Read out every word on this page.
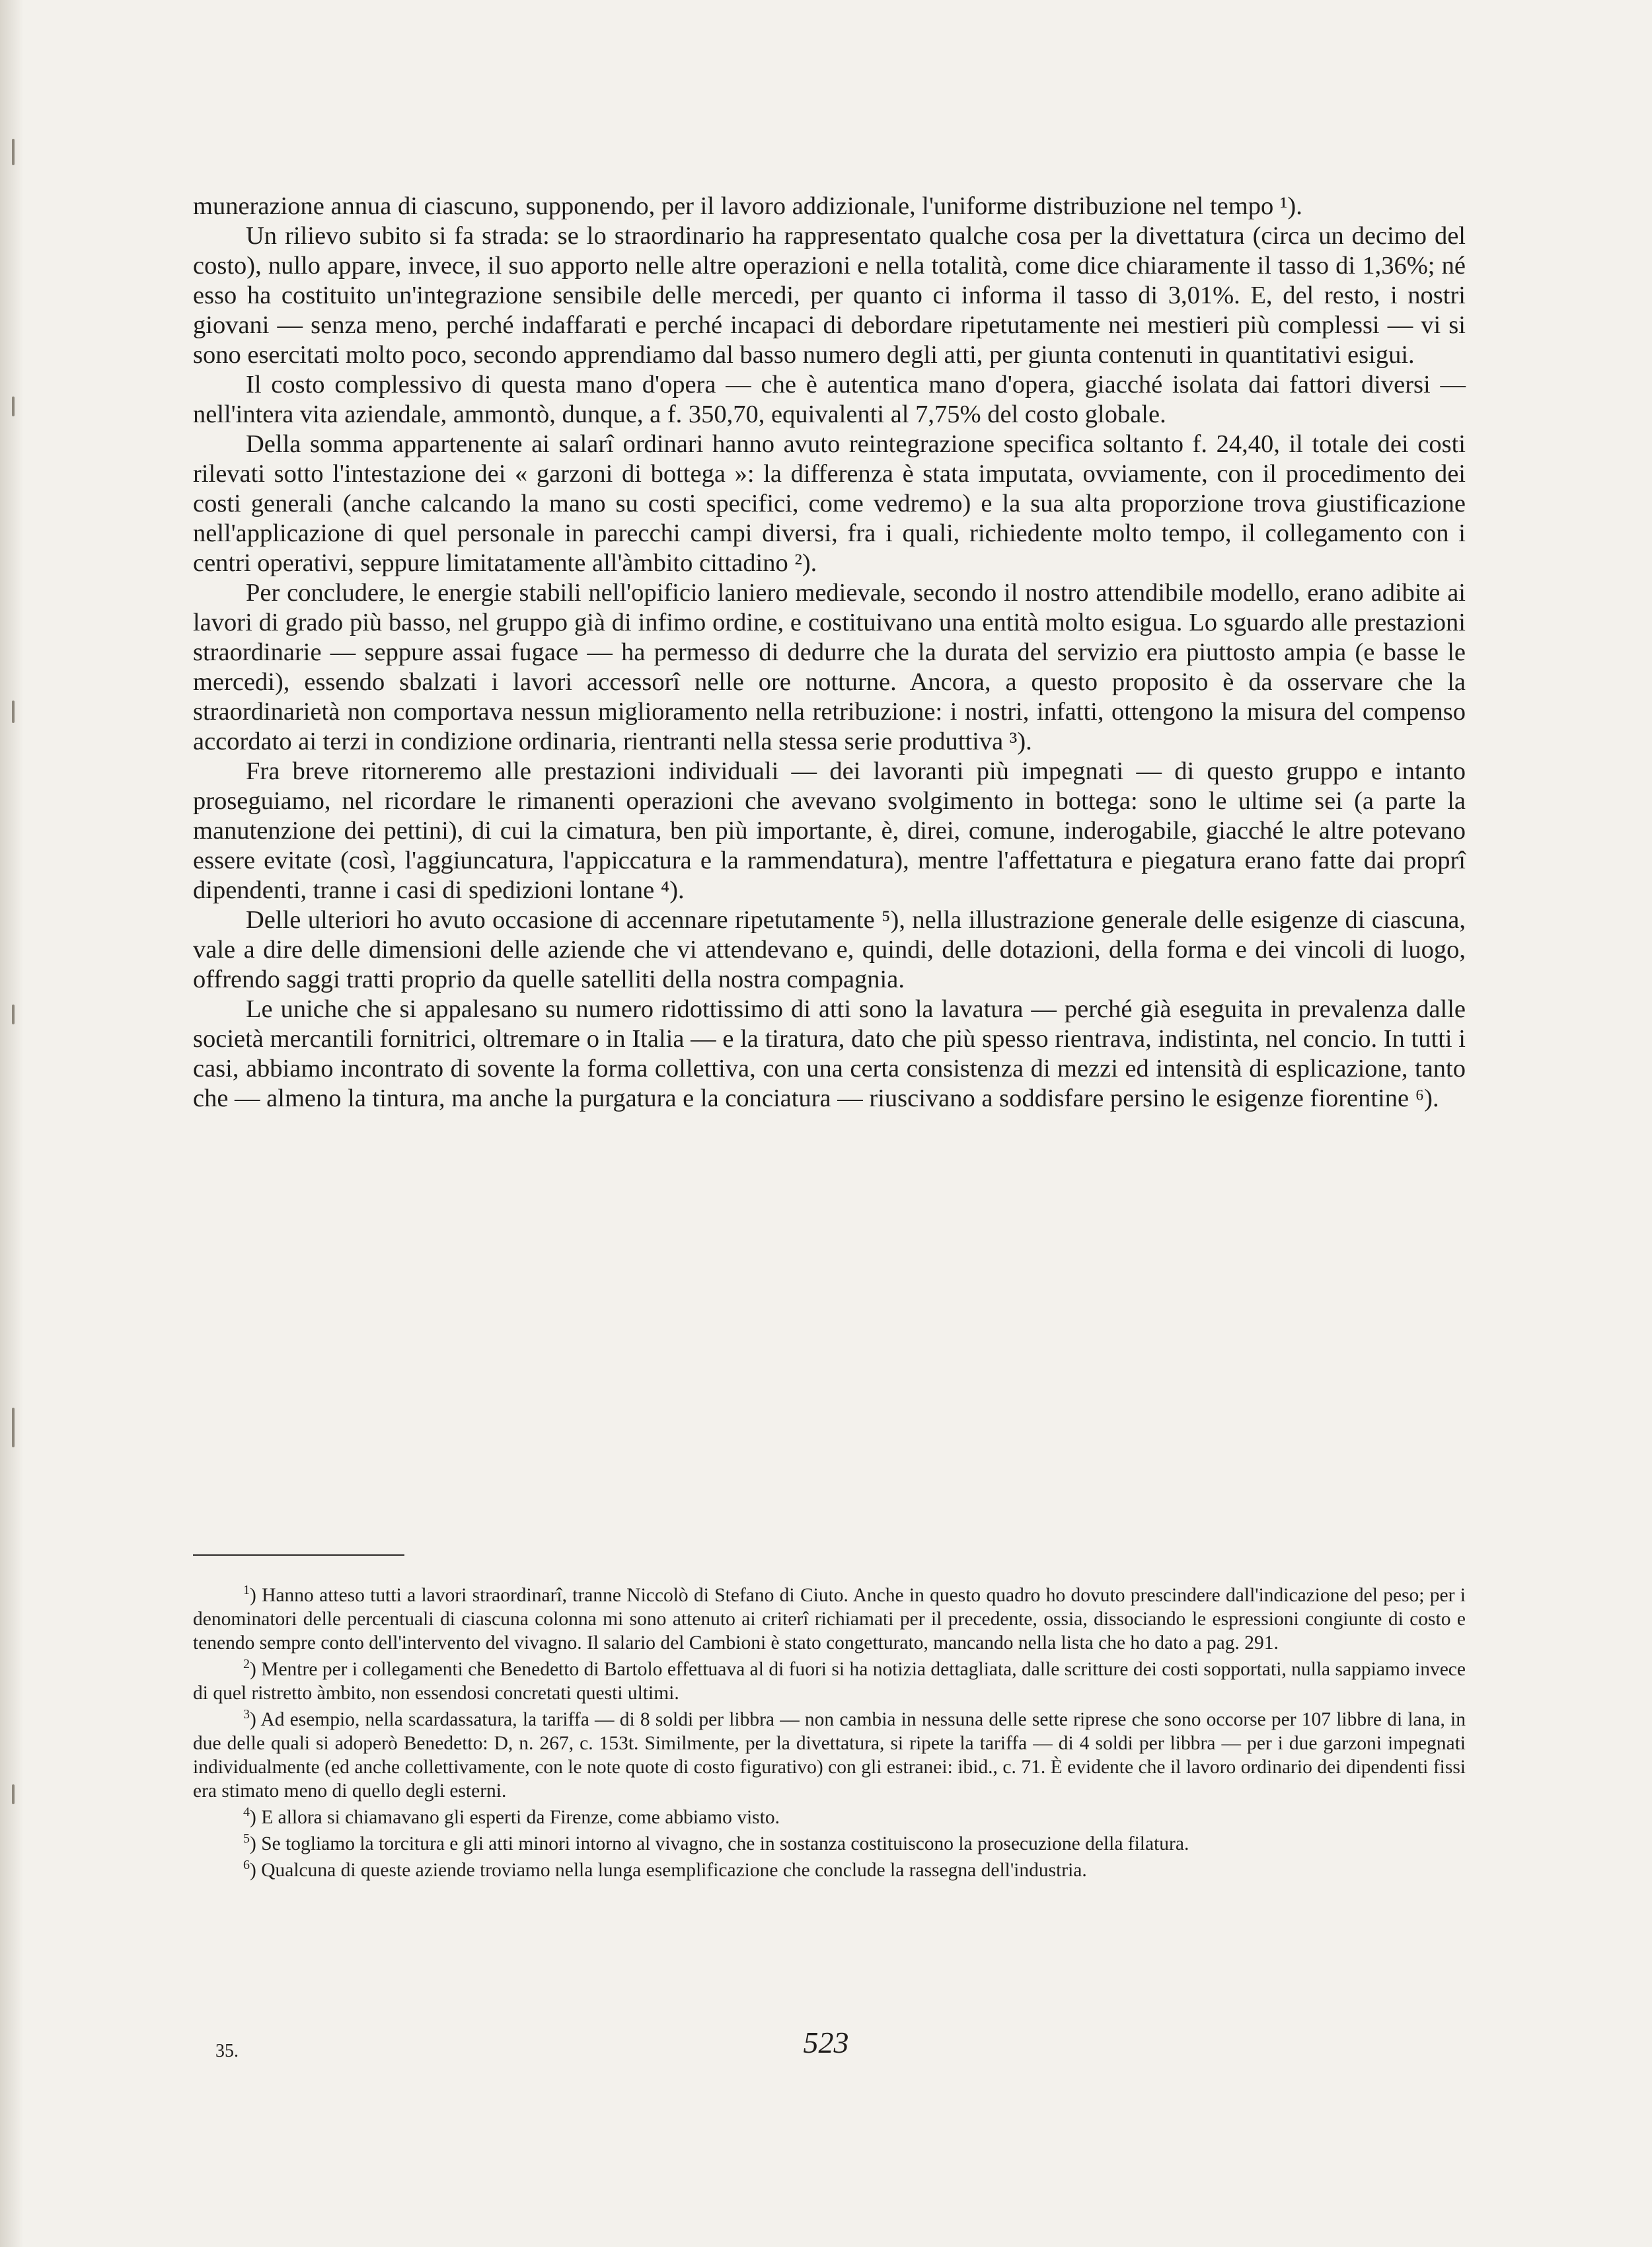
munerazione annua di ciascuno, supponendo, per il lavoro addizionale, l'uniforme distribuzione nel tempo ¹).

Un rilievo subito si fa strada: se lo straordinario ha rappresentato qualche cosa per la divettatura (circa un decimo del costo), nullo appare, invece, il suo apporto nelle altre operazioni e nella totalità, come dice chiaramente il tasso di 1,36%; né esso ha costituito un'integrazione sensibile delle mercedi, per quanto ci informa il tasso di 3,01%. E, del resto, i nostri giovani — senza meno, perché indaffarati e perché incapaci di debordare ripetutamente nei mestieri più complessi — vi si sono esercitati molto poco, secondo apprendiamo dal basso numero degli atti, per giunta contenuti in quantitativi esigui.

Il costo complessivo di questa mano d'opera — che è autentica mano d'opera, giacché isolata dai fattori diversi — nell'intera vita aziendale, ammontò, dunque, a f. 350,70, equivalenti al 7,75% del costo globale.

Della somma appartenente ai salarî ordinari hanno avuto reintegrazione specifica soltanto f. 24,40, il totale dei costi rilevati sotto l'intestazione dei « garzoni di bottega »: la differenza è stata imputata, ovviamente, con il procedimento dei costi generali (anche calcando la mano su costi specifici, come vedremo) e la sua alta proporzione trova giustificazione nell'applicazione di quel personale in parecchi campi diversi, fra i quali, richiedente molto tempo, il collegamento con i centri operativi, seppure limitatamente all'àmbito cittadino ²).

Per concludere, le energie stabili nell'opificio laniero medievale, secondo il nostro attendibile modello, erano adibite ai lavori di grado più basso, nel gruppo già di infimo ordine, e costituivano una entità molto esigua. Lo sguardo alle prestazioni straordinarie — seppure assai fugace — ha permesso di dedurre che la durata del servizio era piuttosto ampia (e basse le mercedi), essendo sbalzati i lavori accessorî nelle ore notturne. Ancora, a questo proposito è da osservare che la straordinarietà non comportava nessun miglioramento nella retribuzione: i nostri, infatti, ottengono la misura del compenso accordato ai terzi in condizione ordinaria, rientranti nella stessa serie produttiva ³).

Fra breve ritorneremo alle prestazioni individuali — dei lavoranti più impegnati — di questo gruppo e intanto proseguiamo, nel ricordare le rimanenti operazioni che avevano svolgimento in bottega: sono le ultime sei (a parte la manutenzione dei pettini), di cui la cimatura, ben più importante, è, direi, comune, inderogabile, giacché le altre potevano essere evitate (così, l'aggiuncatura, l'appiccatura e la rammendatura), mentre l'affettatura e piegatura erano fatte dai proprî dipendenti, tranne i casi di spedizioni lontane ⁴).

Delle ulteriori ho avuto occasione di accennare ripetutamente ⁵), nella illustrazione generale delle esigenze di ciascuna, vale a dire delle dimensioni delle aziende che vi attendevano e, quindi, delle dotazioni, della forma e dei vincoli di luogo, offrendo saggi tratti proprio da quelle satelliti della nostra compagnia.

Le uniche che si appalesano su numero ridottissimo di atti sono la lavatura — perché già eseguita in prevalenza dalle società mercantili fornitrici, oltremare o in Italia — e la tiratura, dato che più spesso rientrava, indistinta, nel concio. In tutti i casi, abbiamo incontrato di sovente la forma collettiva, con una certa consistenza di mezzi ed intensità di esplicazione, tanto che — almeno la tintura, ma anche la purgatura e la conciatura — riuscivano a soddisfare persino le esigenze fiorentine ⁶).

$^1$) Hanno atteso tutti a lavori straordinarî, tranne Niccolò di Stefano di Ciuto. Anche in questo quadro ho dovuto prescindere dall'indicazione del peso; per i denominatori delle percentuali di ciascuna colonna mi sono attenuto ai criterî richiamati per il precedente, ossia, dissociando le espressioni congiunte di costo e tenendo sempre conto dell'intervento del vivagno. Il salario del Cambioni è stato congetturato, mancando nella lista che ho dato a pag. 291.

$^2$) Mentre per i collegamenti che Benedetto di Bartolo effettuava al di fuori si ha notizia dettagliata, dalle scritture dei costi sopportati, nulla sappiamo invece di quel ristretto àmbito, non essendosi concretati questi ultimi.

$^3$) Ad esempio, nella scardassatura, la tariffa — di 8 soldi per libbra — non cambia in nessuna delle sette riprese che sono occorse per 107 libbre di lana, in due delle quali si adoperò Benedetto: D, n. 267, c. 153t. Similmente, per la divettatura, si ripete la tariffa — di 4 soldi per libbra — per i due garzoni impegnati individualmente (ed anche collettivamente, con le note quote di costo figurativo) con gli estranei: ibid., c. 71. È evidente che il lavoro ordinario dei dipendenti fissi era stimato meno di quello degli esterni.

$^4$) E allora si chiamavano gli esperti da Firenze, come abbiamo visto.

$^5$) Se togliamo la torcitura e gli atti minori intorno al vivagno, che in sostanza costituiscono la prosecuzione della filatura.

$^6$) Qualcuna di queste aziende troviamo nella lunga esemplificazione che conclude la rassegna dell'industria.

35.	523
